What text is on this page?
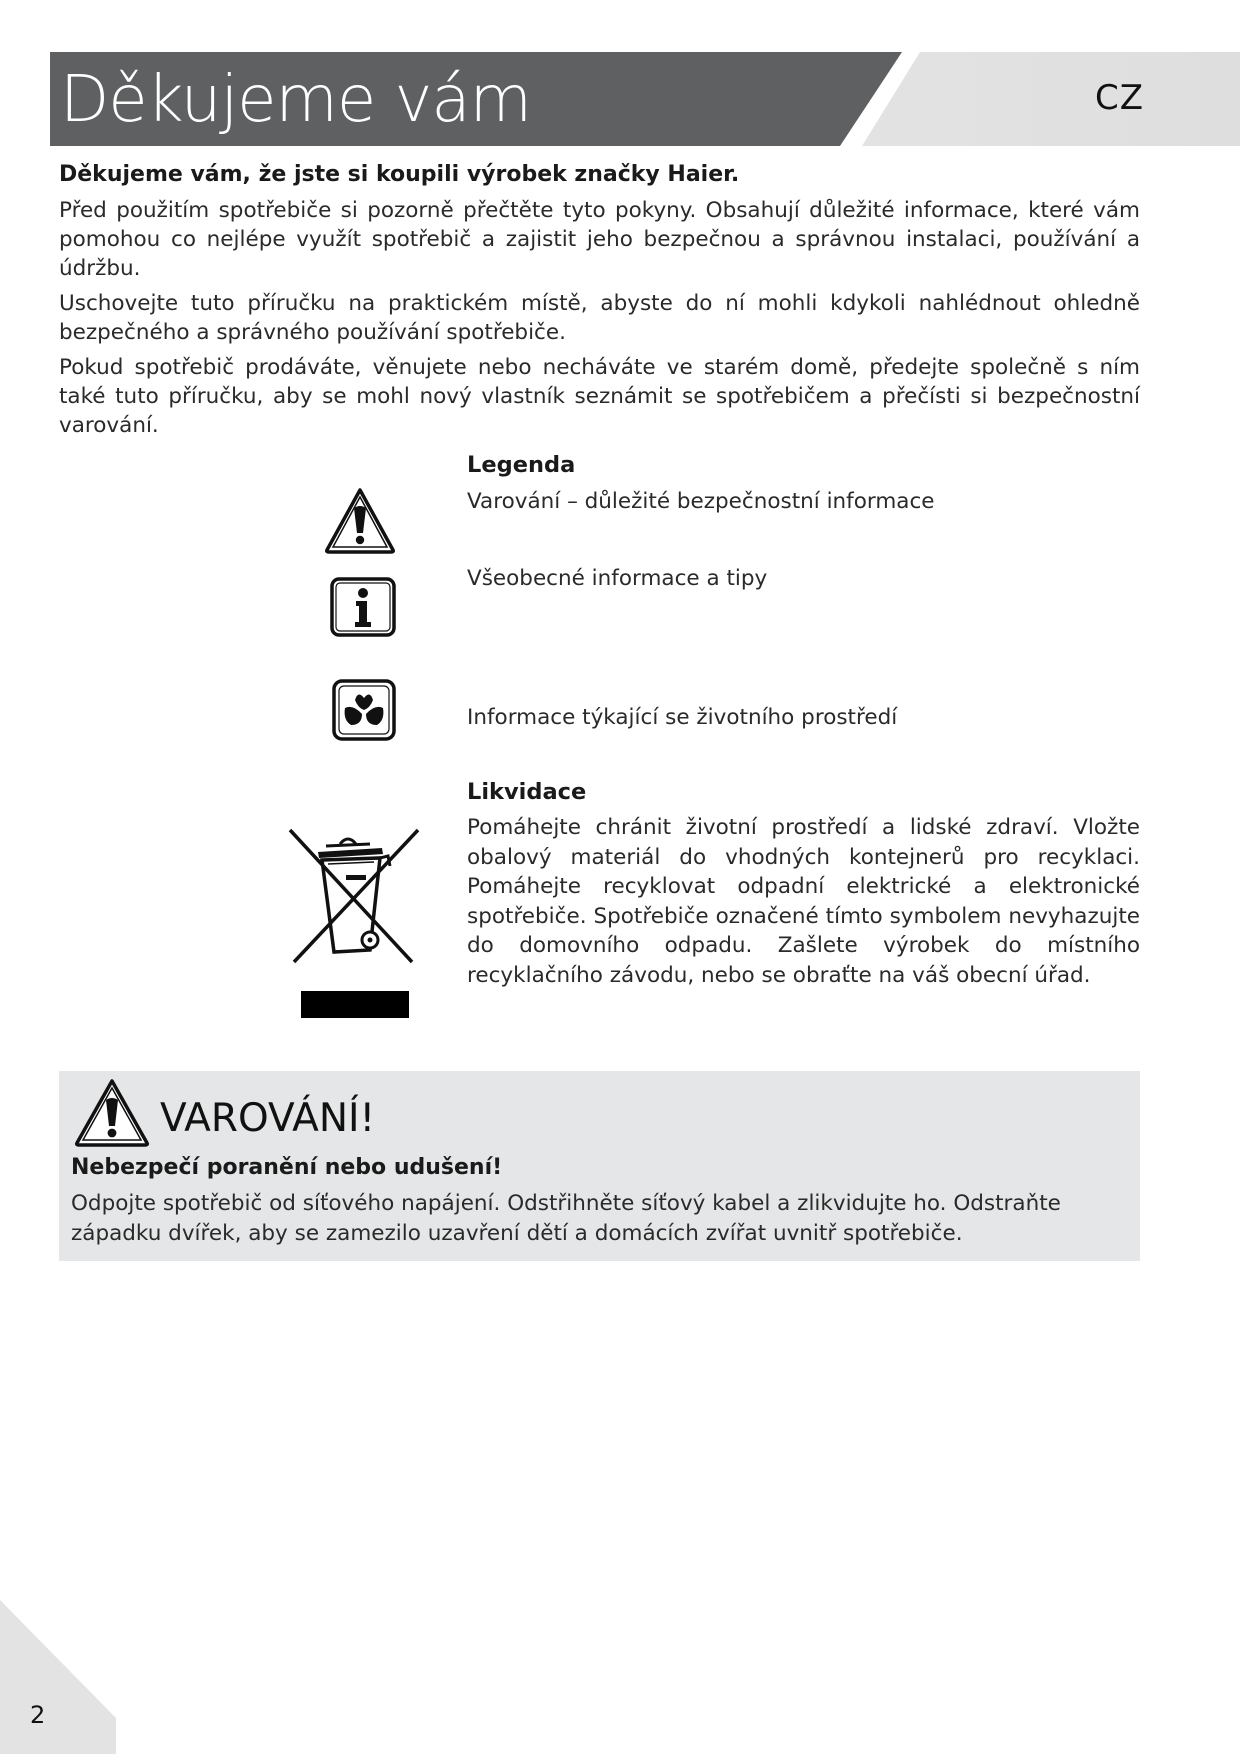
Děkujeme vám	CZ
Děkujeme vám, že jste si koupili výrobek značky Haier.

Před použitím spotřebiče si pozorně přečtěte tyto pokyny. Obsahují důležité informace, které vám pomohou co nejlépe využít spotřebič a zajistit jeho bezpečnou a správnou instalaci, používání a údržbu.

Uschovejte tuto příručku na praktickém místě, abyste do ní mohli kdykoli nahlédnout ohledně bezpečného a správného používání spotřebiče.

Pokud spotřebič prodáváte, věnujete nebo necháváte ve starém domě, předejte společně s ním také tuto příručku, aby se mohl nový vlastník seznámit se spotřebičem a přečísti si bezpečnostní varování.

Legenda
Varování – důležité bezpečnostní informace
Všeobecné informace a tipy
Informace týkající se životního prostředí
Likvidace

Pomáhejte chránit životní prostředí a lidské zdraví. Vložte obalový materiál do vhodných kontejnerů pro recyklaci. Pomáhejte recyklovat odpadní elektrické a elektronické spotřebiče. Spotřebiče označené tímto symbolem nevyhazujte do domovního odpadu. Zašlete výrobek do místního recyklačního závodu, nebo se obraťte na váš obecní úřad.

VAROVÁNÍ!
Nebezpečí poranění nebo udušení!

Odpojte spotřebič od síťového napájení. Odstřihněte síťový kabel a zlikvidujte ho. Odstraňte západku dvířek, aby se zamezilo uzavření dětí a domácích zvířat uvnitř spotřebiče.

2
